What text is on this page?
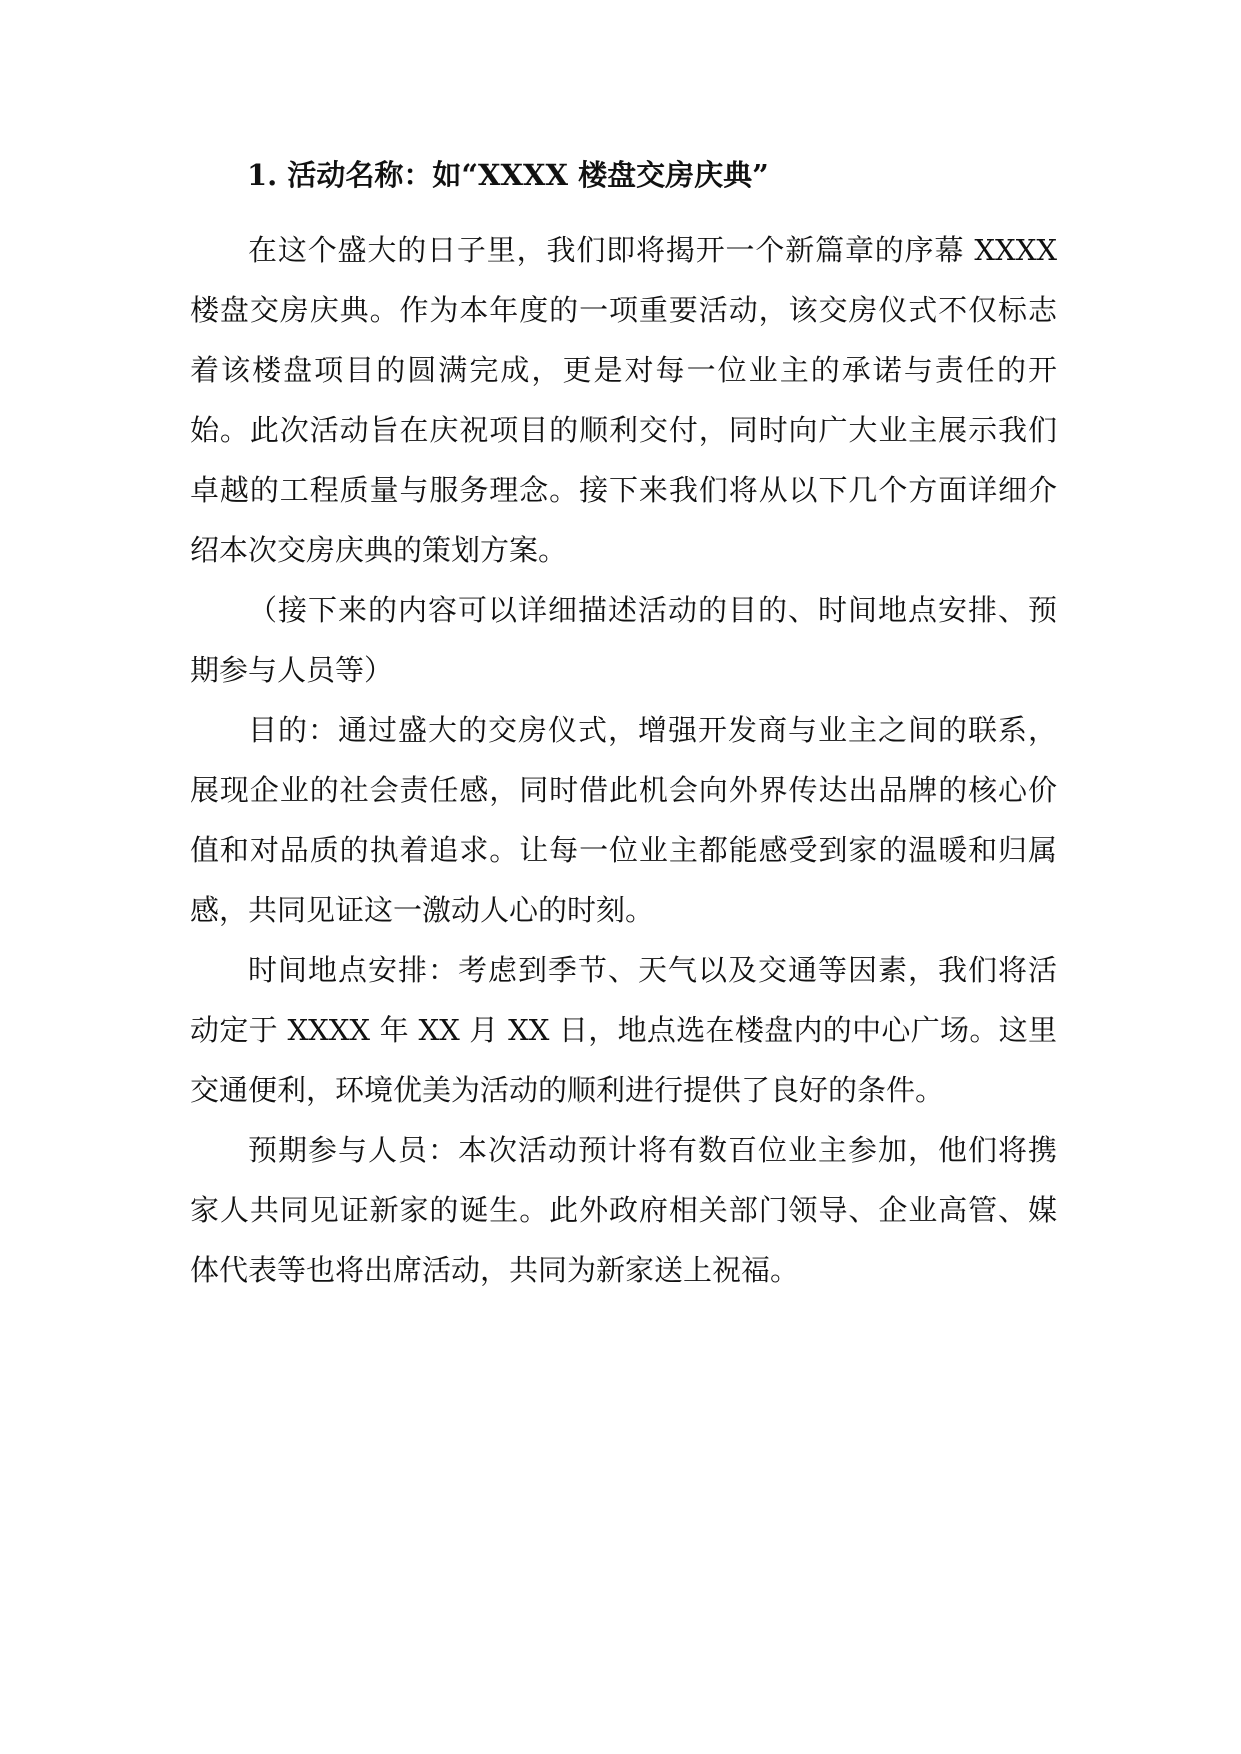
1. 活动名称：如“XXXX 楼盘交房庆典”

在这个盛大的日子里，我们即将揭开一个新篇章的序幕 XXXX 楼盘交房庆典。作为本年度的一项重要活动，该交房仪式不仅标志着该楼盘项目的圆满完成，更是对每一位业主的承诺与责任的开始。此次活动旨在庆祝项目的顺利交付，同时向广大业主展示我们卓越的工程质量与服务理念。接下来我们将从以下几个方面详细介绍本次交房庆典的策划方案。

（接下来的内容可以详细描述活动的目的、时间地点安排、预期参与人员等）

目的：通过盛大的交房仪式，增强开发商与业主之间的联系，展现企业的社会责任感，同时借此机会向外界传达出品牌的核心价值和对品质的执着追求。让每一位业主都能感受到家的温暖和归属感，共同见证这一激动人心的时刻。

时间地点安排：考虑到季节、天气以及交通等因素，我们将活动定于 XXXX 年 XX 月 XX 日，地点选在楼盘内的中心广场。这里交通便利，环境优美为活动的顺利进行提供了良好的条件。

预期参与人员：本次活动预计将有数百位业主参加，他们将携家人共同见证新家的诞生。此外政府相关部门领导、企业高管、媒体代表等也将出席活动，共同为新家送上祝福。
